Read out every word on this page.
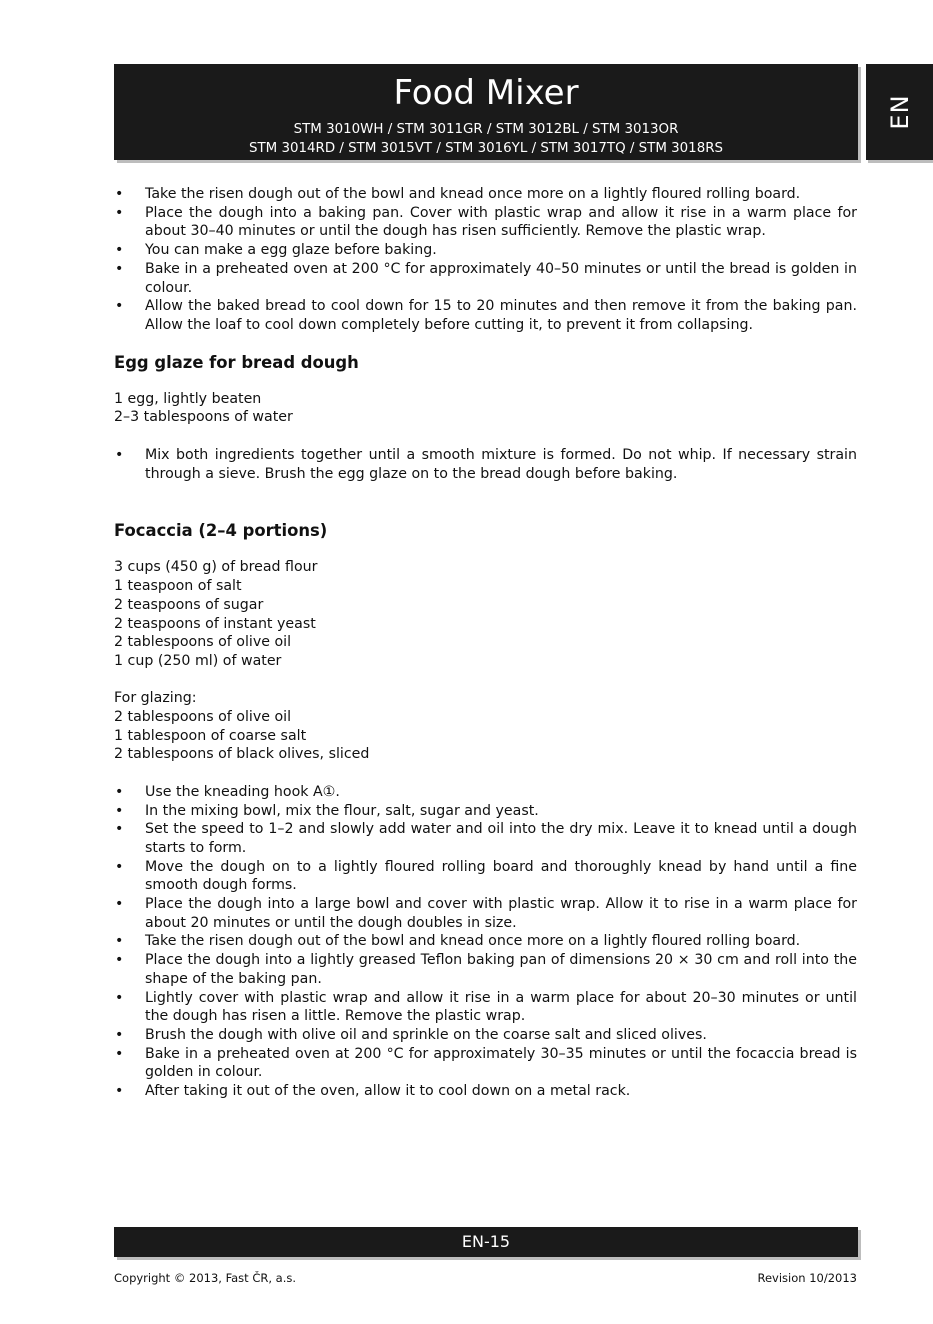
Food Mixer
STM 3010WH / STM 3011GR / STM 3012BL / STM 3013OR
STM 3014RD / STM 3015VT / STM 3016YL / STM 3017TQ / STM 3018RS
EN
• Take the risen dough out of the bowl and knead once more on a lightly floured rolling board.
• Place the dough into a baking pan. Cover with plastic wrap and allow it rise in a warm place for about 30–40 minutes or until the dough has risen sufficiently. Remove the plastic wrap.
• You can make a egg glaze before baking.
• Bake in a preheated oven at 200 °C for approximately 40–50 minutes or until the bread is golden in colour.
• Allow the baked bread to cool down for 15 to 20 minutes and then remove it from the baking pan. Allow the loaf to cool down completely before cutting it, to prevent it from collapsing.
Egg glaze for bread dough
1 egg, lightly beaten
2–3 tablespoons of water
• Mix both ingredients together until a smooth mixture is formed. Do not whip. If necessary strain through a sieve. Brush the egg glaze on to the bread dough before baking.
Focaccia (2–4 portions)
3 cups (450 g) of bread flour
1 teaspoon of salt
2 teaspoons of sugar
2 teaspoons of instant yeast
2 tablespoons of olive oil
1 cup (250 ml) of water
For glazing:
2 tablespoons of olive oil
1 tablespoon of coarse salt
2 tablespoons of black olives, sliced
• Use the kneading hook A①.
• In the mixing bowl, mix the flour, salt, sugar and yeast.
• Set the speed to 1–2 and slowly add water and oil into the dry mix. Leave it to knead until a dough starts to form.
• Move the dough on to a lightly floured rolling board and thoroughly knead by hand until a fine smooth dough forms.
• Place the dough into a large bowl and cover with plastic wrap. Allow it to rise in a warm place for about 20 minutes or until the dough doubles in size.
• Take the risen dough out of the bowl and knead once more on a lightly floured rolling board.
• Place the dough into a lightly greased Teflon baking pan of dimensions 20 × 30 cm and roll into the shape of the baking pan.
• Lightly cover with plastic wrap and allow it rise in a warm place for about 20–30 minutes or until the dough has risen a little. Remove the plastic wrap.
• Brush the dough with olive oil and sprinkle on the coarse salt and sliced olives.
• Bake in a preheated oven at 200 °C for approximately 30–35 minutes or until the focaccia bread is golden in colour.
• After taking it out of the oven, allow it to cool down on a metal rack.
EN-15
Copyright © 2013, Fast ČR, a.s.	Revision 10/2013
